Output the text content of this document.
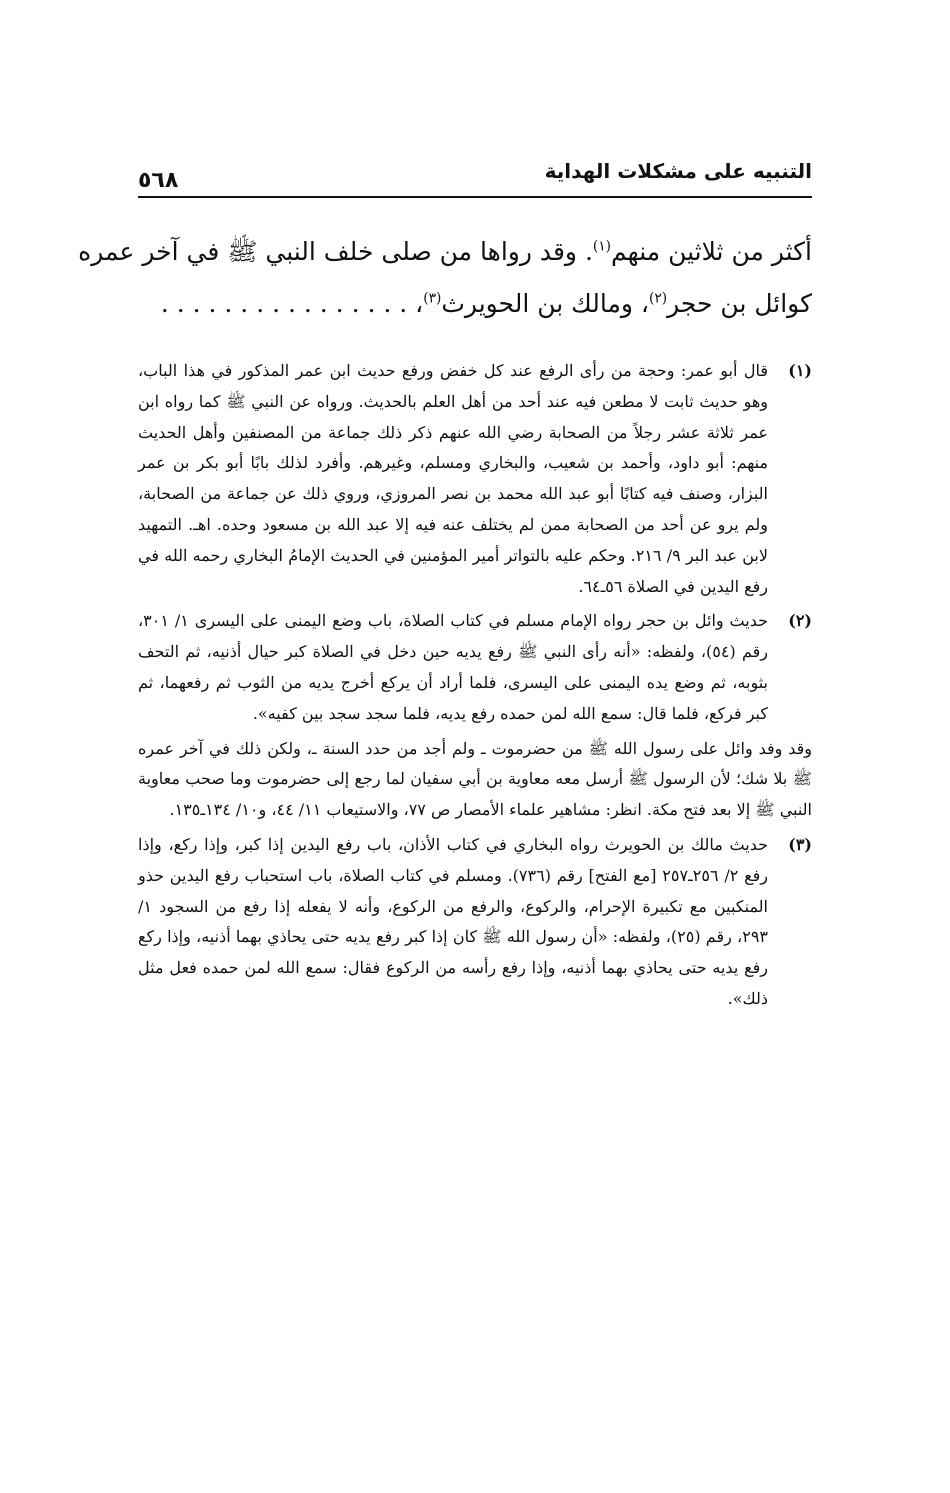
التنبيه على مشكلات الهداية
٥٦٨
أكثر من ثلاثين منهم$^{(١)}$. وقد رواها من صلى خلف النبي ﷺ في آخر عمره
كوائل بن حجر$^{(٢)}$، ومالك بن الحويرث$^{(٣)}$، . . . . . . . . . . . . . . . .
(١)
قال أبو عمر: وحجة من رأى الرفع عند كل خفض ورفع حديث ابن عمر المذكور في هذا الباب، وهو حديث ثابت لا مطعن فيه عند أحد من أهل العلم بالحديث. ورواه عن النبي ﷺ كما رواه ابن عمر ثلاثة عشر رجلاً من الصحابة رضي الله عنهم ذكر ذلك جماعة من المصنفين وأهل الحديث منهم: أبو داود، وأحمد بن شعيب، والبخاري ومسلم، وغيرهم. وأفرد لذلك بابًا أبو بكر بن عمر البزار، وصنف فيه كتابًا أبو عبد الله محمد بن نصر المروزي، وروي ذلك عن جماعة من الصحابة، ولم يرو عن أحد من الصحابة ممن لم يختلف عنه فيه إلا عبد الله بن مسعود وحده. اهـ. التمهيد لابن عبد البر ٩/ ٢١٦. وحكم عليه بالتواتر أمير المؤمنين في الحديث الإمامُ البخاري رحمه الله في رفع اليدين في الصلاة ٥٦ـ٦٤.
(٢)
حديث وائل بن حجر رواه الإمام مسلم في كتاب الصلاة، باب وضع اليمنى على اليسرى ١/ ٣٠١، رقم (٥٤)، ولفظه: «أنه رأى النبي ﷺ رفع يديه حين دخل في الصلاة كبر حيال أذنيه، ثم التحف بثوبه، ثم وضع يده اليمنى على اليسرى، فلما أراد أن يركع أخرج يديه من الثوب ثم رفعهما، ثم كبر فركع، فلما قال: سمع الله لمن حمده رفع يديه، فلما سجد سجد بين كفيه».
وقد وفد وائل على رسول الله ﷺ من حضرموت ـ ولم أجد من حدد السنة ـ، ولكن ذلك في آخر عمره ﷺ بلا شك؛ لأن الرسول ﷺ أرسل معه معاوية بن أبي سفيان لما رجع إلى حضرموت وما صحب معاوية النبي ﷺ إلا بعد فتح مكة. انظر: مشاهير علماء الأمصار ص ٧٧، والاستيعاب ١١/ ٤٤، و١٠/ ١٣٤ـ١٣٥.
(٣)
حديث مالك بن الحويرث رواه البخاري في كتاب الأذان، باب رفع اليدين إذا كبر، وإذا ركع، وإذا رفع ٢/ ٢٥٦ـ٢٥٧ [مع الفتح] رقم (٧٣٦). ومسلم في كتاب الصلاة، باب استحباب رفع اليدين حذو المنكبين مع تكبيرة الإحرام، والركوع، والرفع من الركوع، وأنه لا يفعله إذا رفع من السجود ١/ ٢٩٣، رقم (٢٥)، ولفظه: «أن رسول الله ﷺ كان إذا كبر رفع يديه حتى يحاذي بهما أذنيه، وإذا ركع رفع يديه حتى يحاذي بهما أذنيه، وإذا رفع رأسه من الركوع فقال: سمع الله لمن حمده فعل مثل ذلك».
